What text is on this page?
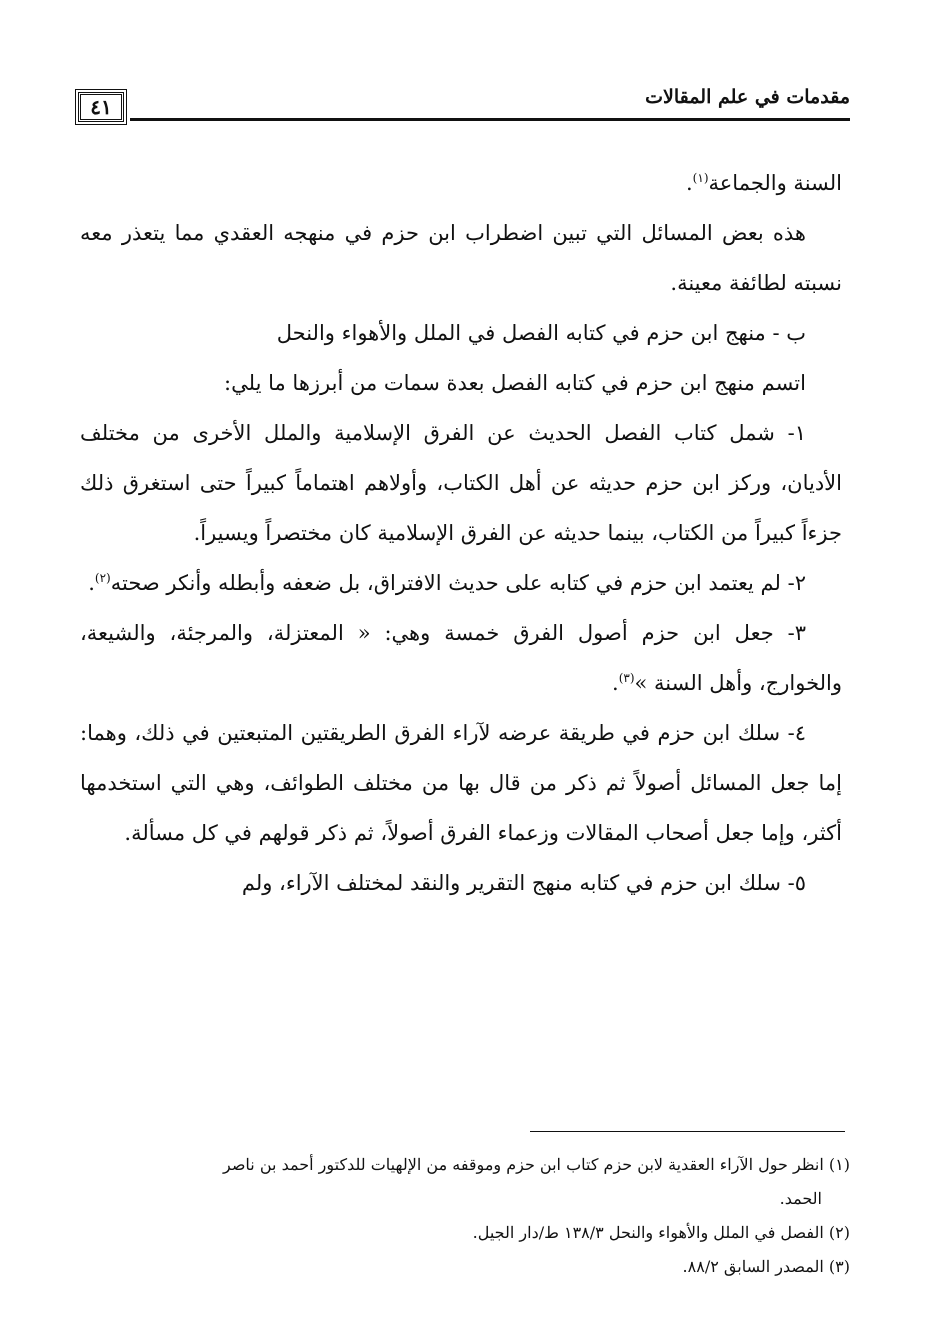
٤١	مقدمات في علم المقالات

السنة والجماعة$^{(١)}$.

هذه بعض المسائل التي تبين اضطراب ابن حزم في منهجه العقدي مما يتعذر معه نسبته لطائفة معينة.

ب - منهج ابن حزم في كتابه الفصل في الملل والأهواء والنحل

اتسم منهج ابن حزم في كتابه الفصل بعدة سمات من أبرزها ما يلي:

١- شمل كتاب الفصل الحديث عن الفرق الإسلامية والملل الأخرى من مختلف الأديان، وركز ابن حزم حديثه عن أهل الكتاب، وأولاهم اهتماماً كبيراً حتى استغرق ذلك جزءاً كبيراً من الكتاب، بينما حديثه عن الفرق الإسلامية كان مختصراً ويسيراً.

٢- لم يعتمد ابن حزم في كتابه على حديث الافتراق، بل ضعفه وأبطله وأنكر صحته$^{(٢)}$.

٣- جعل ابن حزم أصول الفرق خمسة وهي: « المعتزلة، والمرجئة، والشيعة، والخوارج، وأهل السنة »$^{(٣)}$.

٤- سلك ابن حزم في طريقة عرضه لآراء الفرق الطريقتين المتبعتين في ذلك، وهما: إما جعل المسائل أصولاً ثم ذكر من قال بها من مختلف الطوائف، وهي التي استخدمها أكثر، وإما جعل أصحاب المقالات وزعماء الفرق أصولاً، ثم ذكر قولهم في كل مسألة.

٥- سلك ابن حزم في كتابه منهج التقرير والنقد لمختلف الآراء، ولم

(١) انظر حول الآراء العقدية لابن حزم كتاب ابن حزم وموقفه من الإلهيات للدكتور أحمد بن ناصر

الحمد.

(٢) الفصل في الملل والأهواء والنحل ١٣٨/٣ ط/دار الجيل.

(٣) المصدر السابق ٨٨/٢.
